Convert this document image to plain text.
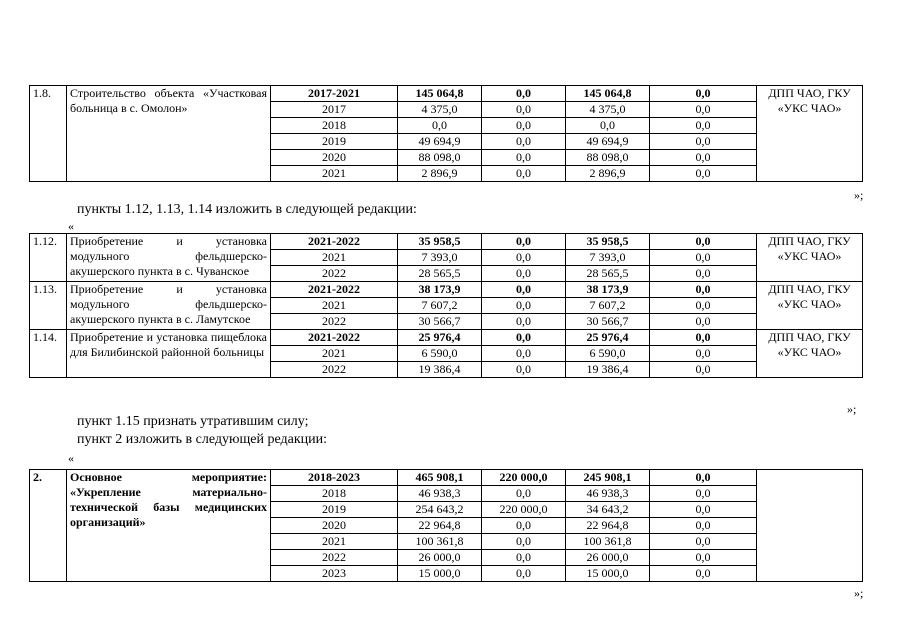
1.8.	Строительство объекта «Участковая больница в с. Омолон»	2017-2021	145 064,8	0,0	145 064,8	0,0	ДПП ЧАО, ГКУ «УКС ЧАО»
		2017	4 375,0	0,0	4 375,0	0,0	
		2018	0,0	0,0	0,0	0,0	
		2019	49 694,9	0,0	49 694,9	0,0	
		2020	88 098,0	0,0	88 098,0	0,0	
		2021	2 896,9	0,0	2 896,9	0,0	
»;
пункты 1.12, 1.13, 1.14 изложить в следующей редакции:
«
1.12.	Приобретение и установка модульного фельдшерско-акушерского пункта в с. Чуванское	2021-2022	35 958,5	0,0	35 958,5	0,0	ДПП ЧАО, ГКУ «УКС ЧАО»
		2021	7 393,0	0,0	7 393,0	0,0	
		2022	28 565,5	0,0	28 565,5	0,0	
1.13.	Приобретение и установка модульного фельдшерско-акушерского пункта в с. Ламутское	2021-2022	38 173,9	0,0	38 173,9	0,0	ДПП ЧАО, ГКУ «УКС ЧАО»
		2021	7 607,2	0,0	7 607,2	0,0	
		2022	30 566,7	0,0	30 566,7	0,0	
1.14.	Приобретение и установка пищеблока для Билибинской районной больницы	2021-2022	25 976,4	0,0	25 976,4	0,0	ДПП ЧАО, ГКУ «УКС ЧАО»
		2021	6 590,0	0,0	6 590,0	0,0	
		2022	19 386,4	0,0	19 386,4	0,0	
»;
пункт 1.15 признать утратившим силу;
пункт 2 изложить в следующей редакции:
«
2.	Основное мероприятие: «Укрепление материально-технической базы медицинских организаций»	2018-2023	465 908,1	220 000,0	245 908,1	0,0	
		2018	46 938,3	0,0	46 938,3	0,0	
		2019	254 643,2	220 000,0	34 643,2	0,0	
		2020	22 964,8	0,0	22 964,8	0,0	
		2021	100 361,8	0,0	100 361,8	0,0	
		2022	26 000,0	0,0	26 000,0	0,0	
		2023	15 000,0	0,0	15 000,0	0,0	
»;
